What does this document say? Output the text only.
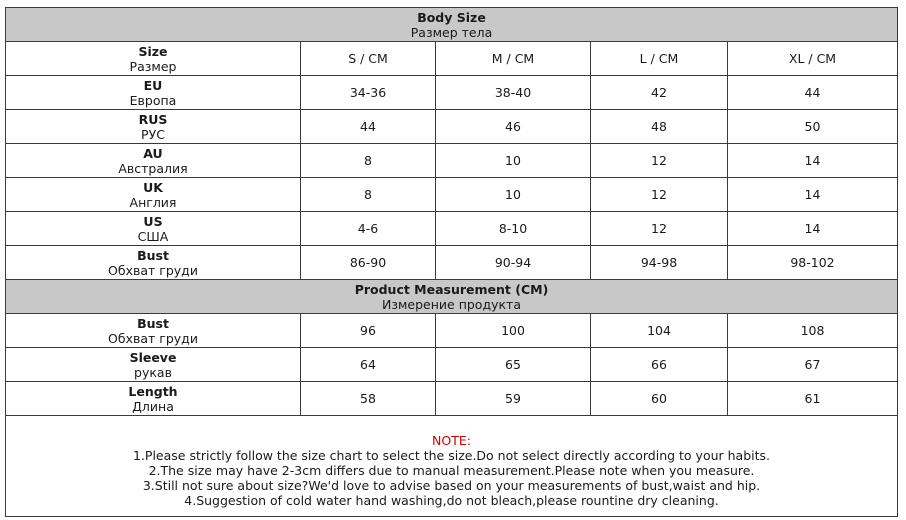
Body Size
Размер тела				

Size
Размер	S / CM	M / CM	L / CM	XL / CM

EU
Европа	34-36	38-40	42	44

RUS
РУС	44	46	48	50

AU
Австралия	8	10	12	14

UK
Англия	8	10	12	14

US
США	4-6	8-10	12	14

Bust
Обхват груди	86-90	90-94	94-98	98-102

Product Measurement (CM)
Измерение продукта				

Bust
Обхват груди	96	100	104	108

Sleeve
рукав	64	65	66	67

Length
Длина	58	59	60	61

NOTE:
1.Please strictly follow the size chart to select the size.Do not select directly according to your habits.
2.The size may have 2-3cm differs due to manual measurement.Please note when you measure.
3.Still not sure about size?We'd love to advise based on your measurements of bust,waist and hip.
4.Suggestion of cold water hand washing,do not bleach,please rountine dry cleaning.				
